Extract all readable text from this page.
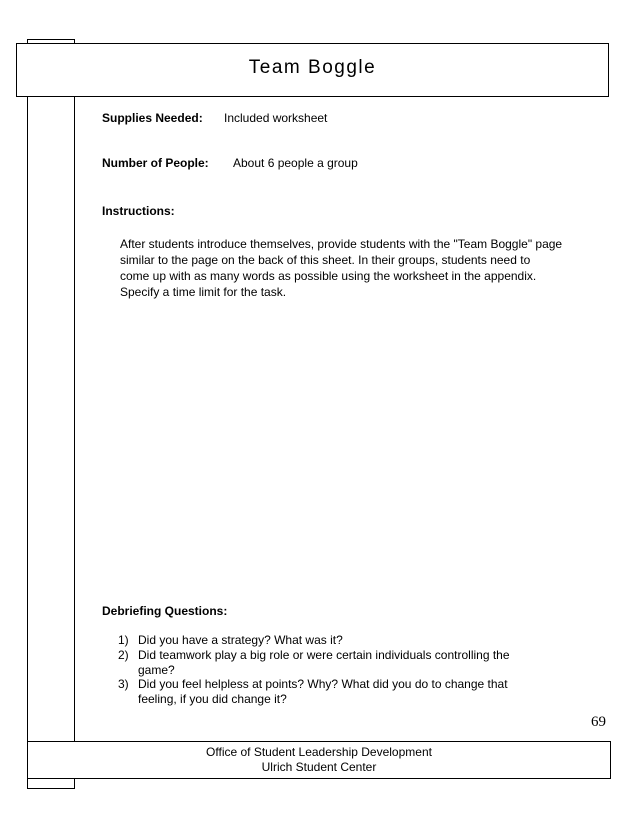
Team Boggle
Supplies Needed: Included worksheet
Number of People: About 6 people a group
Instructions:
After students introduce themselves, provide students with the "Team Boggle" page
similar to the page on the back of this sheet. In their groups, students need to
come up with as many words as possible using the worksheet in the appendix.
Specify a time limit for the task.
Debriefing Questions:
1) Did you have a strategy? What was it?
2) Did teamwork play a big role or were certain individuals controlling the
game?
3) Did you feel helpless at points? Why? What did you do to change that
feeling, if you did change it?
69
Office of Student Leadership Development
Ulrich Student Center
